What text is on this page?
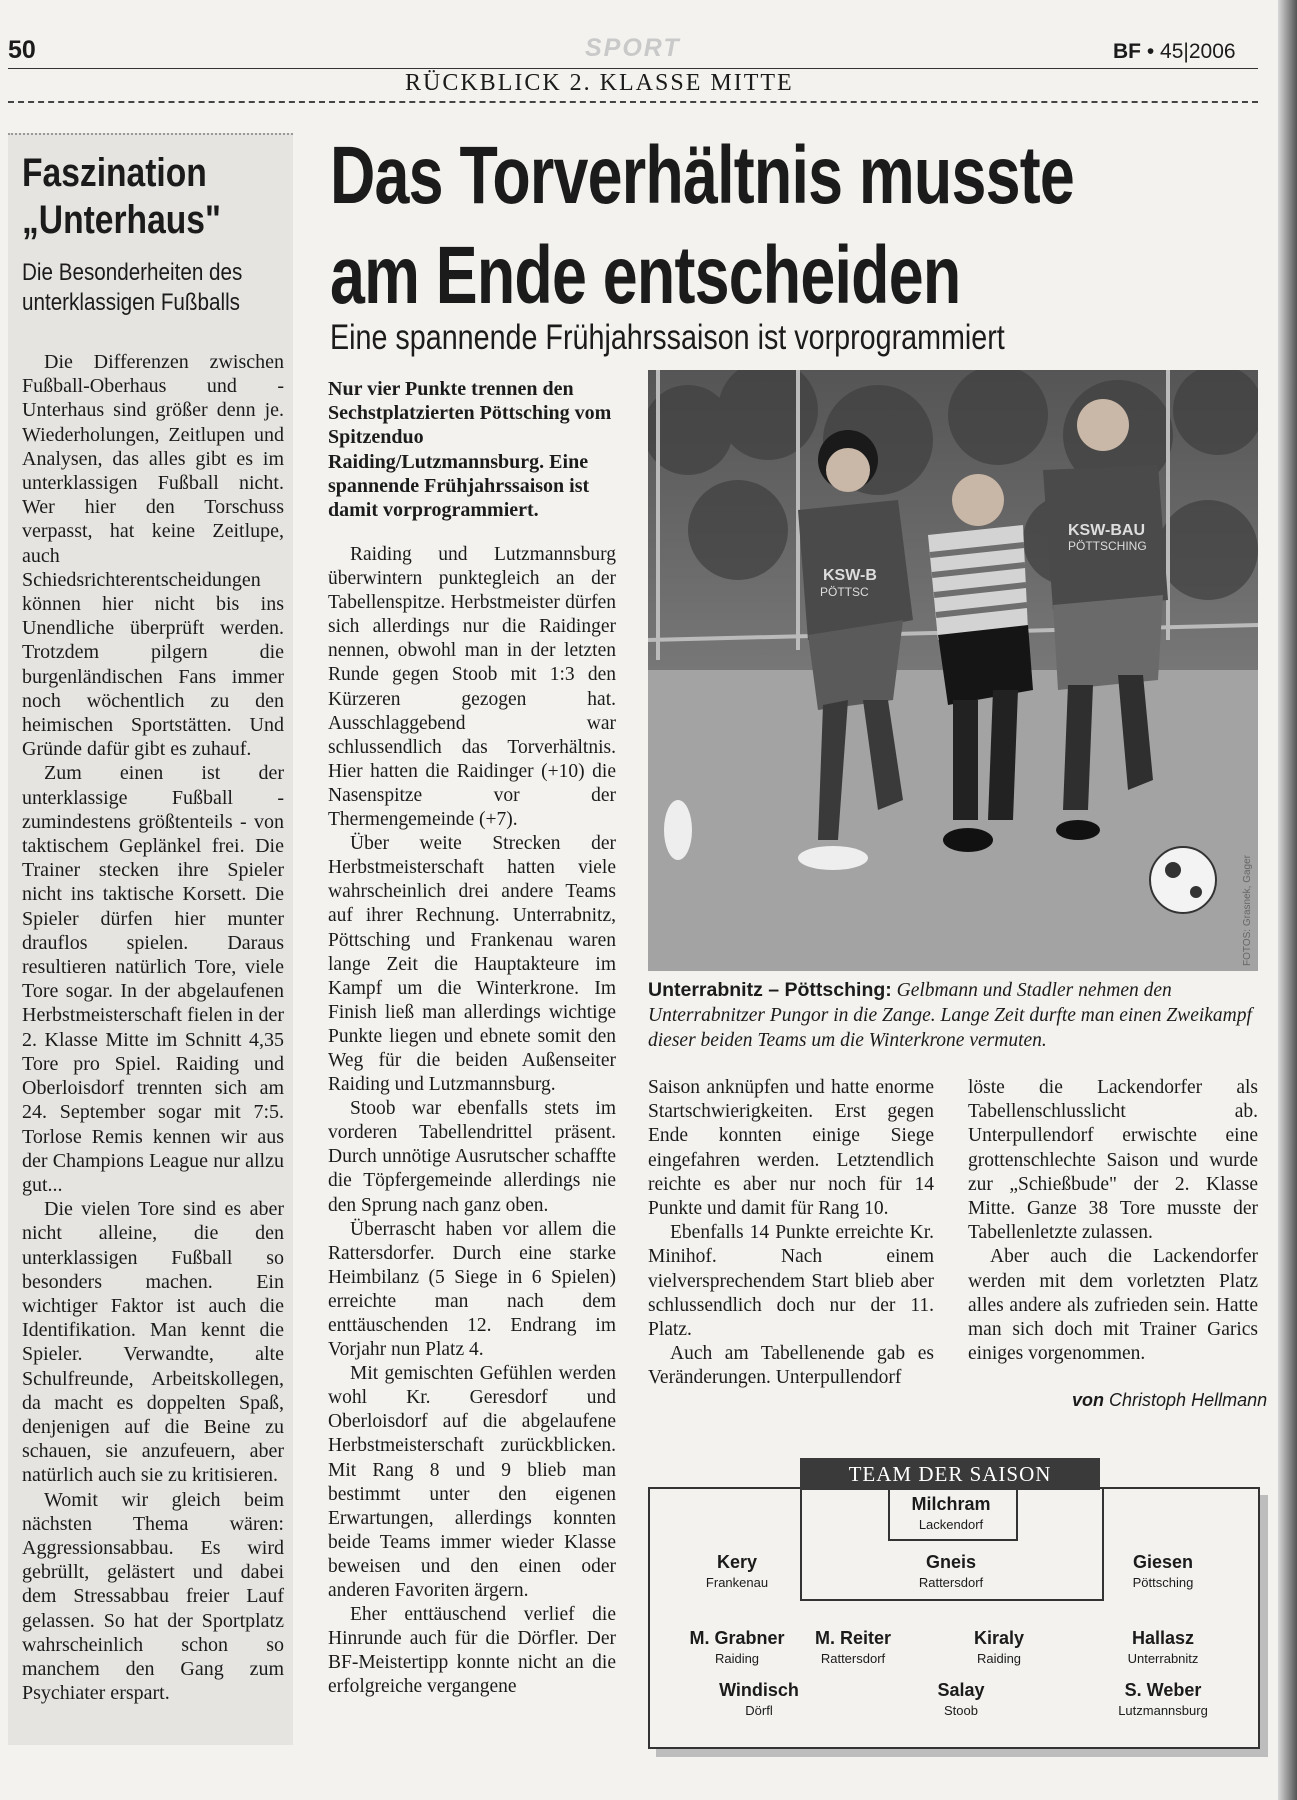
50	SPORT	BF • 45|2006
RÜCKBLICK 2. KLASSE MITTE
Faszination
„Unterhaus"
Die Besonderheiten des unterklassigen Fußballs

Die Differenzen zwischen Fußball-Oberhaus und -Unterhaus sind größer denn je. Wiederholungen, Zeitlupen und Analysen, das alles gibt es im unterklassigen Fußball nicht. Wer hier den Torschuss verpasst, hat keine Zeitlupe, auch Schiedsrichterentscheidungen können hier nicht bis ins Unendliche überprüft werden. Trotzdem pilgern die burgenländischen Fans immer noch wöchentlich zu den heimischen Sportstätten. Und Gründe dafür gibt es zuhauf.

Zum einen ist der unterklassige Fußball - zumindestens größtenteils - von taktischem Geplänkel frei. Die Trainer stecken ihre Spieler nicht ins taktische Korsett. Die Spieler dürfen hier munter drauflos spielen. Daraus resultieren natürlich Tore, viele Tore sogar. In der abgelaufenen Herbstmeisterschaft fielen in der 2. Klasse Mitte im Schnitt 4,35 Tore pro Spiel. Raiding und Oberloisdorf trennten sich am 24. September sogar mit 7:5. Torlose Remis kennen wir aus der Champions League nur allzu gut...

Die vielen Tore sind es aber nicht alleine, die den unterklassigen Fußball so besonders machen. Ein wichtiger Faktor ist auch die Identifikation. Man kennt die Spieler. Verwandte, alte Schulfreunde, Arbeitskollegen, da macht es doppelten Spaß, denjenigen auf die Beine zu schauen, sie anzufeuern, aber natürlich auch sie zu kritisieren.

Womit wir gleich beim nächsten Thema wären: Aggressionsabbau. Es wird gebrüllt, gelästert und dabei dem Stressabbau freier Lauf gelassen. So hat der Sportplatz wahrscheinlich schon so manchem den Gang zum Psychiater erspart.

Das Torverhältnis musste
am Ende entscheiden
Eine spannende Frühjahrssaison ist vorprogrammiert
Nur vier Punkte trennen den Sechstplatzierten Pöttsching vom Spitzenduo Raiding/Lutzmannsburg. Eine spannende Frühjahrssaison ist damit vorprogrammiert.

Raiding und Lutzmannsburg überwintern punktegleich an der Tabellenspitze. Herbstmeister dürfen sich allerdings nur die Raidinger nennen, obwohl man in der letzten Runde gegen Stoob mit 1:3 den Kürzeren gezogen hat. Ausschlaggebend war schlussendlich das Torverhältnis. Hier hatten die Raidinger (+10) die Nasenspitze vor der Thermengemeinde (+7).

Über weite Strecken der Herbstmeisterschaft hatten viele wahrscheinlich drei andere Teams auf ihrer Rechnung. Unterrabnitz, Pöttsching und Frankenau waren lange Zeit die Hauptakteure im Kampf um die Winterkrone. Im Finish ließ man allerdings wichtige Punkte liegen und ebnete somit den Weg für die beiden Außenseiter Raiding und Lutzmannsburg.

Stoob war ebenfalls stets im vorderen Tabellendrittel präsent. Durch unnötige Ausrutscher schaffte die Töpfergemeinde allerdings nie den Sprung nach ganz oben.

Überrascht haben vor allem die Rattersdorfer. Durch eine starke Heimbilanz (5 Siege in 6 Spielen) erreichte man nach dem enttäuschenden 12. Endrang im Vorjahr nun Platz 4.

Mit gemischten Gefühlen werden wohl Kr. Geresdorf und Oberloisdorf auf die abgelaufene Herbstmeisterschaft zurückblicken. Mit Rang 8 und 9 blieb man bestimmt unter den eigenen Erwartungen, allerdings konnten beide Teams immer wieder Klasse beweisen und den einen oder anderen Favoriten ärgern.

Eher enttäuschend verlief die Hinrunde auch für die Dörfler. Der BF-Meistertipp konnte nicht an die erfolgreiche vergangene

KSW-B
PÖTTSC
KSW-BAU
PÖTTSCHING
FOTOS: Grasnek, Gager
Unterrabnitz – Pöttsching: Gelbmann und Stadler nehmen den Unterrabnitzer Pungor in die Zange. Lange Zeit durfte man einen Zweikampf dieser beiden Teams um die Winterkrone vermuten.

Saison anknüpfen und hatte enorme Startschwierigkeiten. Erst gegen Ende konnten einige Siege eingefahren werden. Letztendlich reichte es aber nur noch für 14 Punkte und damit für Rang 10.

Ebenfalls 14 Punkte erreichte Kr. Minihof. Nach einem vielversprechendem Start blieb aber schlussendlich doch nur der 11. Platz.

Auch am Tabellenende gab es Veränderungen. Unterpullendorf

löste die Lackendorfer als Tabellenschlusslicht ab. Unterpullendorf erwischte eine grottenschlechte Saison und wurde zur „Schießbude" der 2. Klasse Mitte. Ganze 38 Tore musste der Tabellenletzte zulassen.

Aber auch die Lackendorfer werden mit dem vorletzten Platz alles andere als zufrieden sein. Hatte man sich doch mit Trainer Garics einiges vorgenommen.

von Christoph Hellmann
TEAM DER SAISON
Milchram
Lackendorf
Kery
Frankenau
Gneis
Rattersdorf
Giesen
Pöttsching
M. Grabner
Raiding
M. Reiter
Rattersdorf
Kiraly
Raiding
Hallasz
Unterrabnitz
Windisch
Dörfl
Salay
Stoob
S. Weber
Lutzmannsburg
